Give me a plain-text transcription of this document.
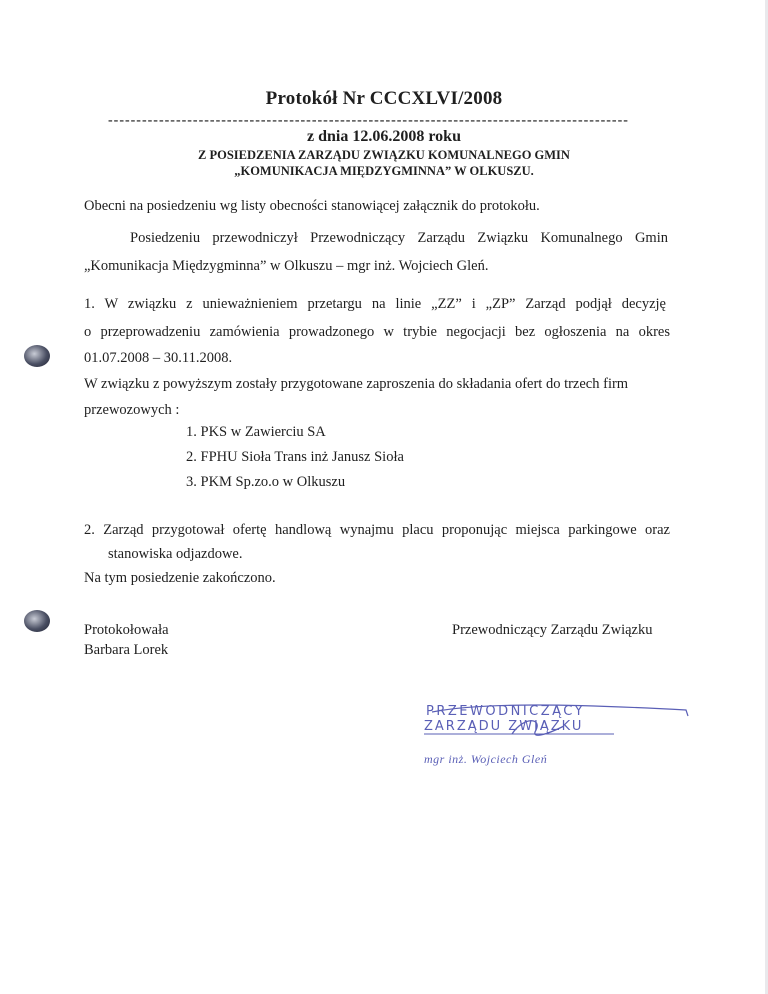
Protokół Nr CCCXLVI/2008
--------------------------------------------------------------------------------------------
z dnia 12.06.2008 roku
Z POSIEDZENIA ZARZĄDU ZWIĄZKU KOMUNALNEGO GMIN
„KOMUNIKACJA MIĘDZYGMINNA” W OLKUSZU.
Obecni na posiedzeniu wg listy obecności stanowiącej załącznik do protokołu.
Posiedzeniu przewodniczył Przewodniczący Zarządu Związku Komunalnego Gmin
„Komunikacja Międzygminna” w Olkuszu – mgr inż. Wojciech Gleń.
1. W związku z unieważnieniem przetargu na linie „ZZ” i „ZP” Zarząd podjął decyzję
o przeprowadzeniu zamówienia prowadzonego w trybie negocjacji bez ogłoszenia na okres
01.07.2008 – 30.11.2008.
W związku z powyższym zostały przygotowane zaproszenia do składania ofert do trzech firm
przewozowych :
1. PKS w Zawierciu SA
2. FPHU Sioła Trans inż Janusz Sioła
3. PKM Sp.zo.o w Olkuszu
2. Zarząd przygotował ofertę handlową wynajmu placu proponując miejsca parkingowe oraz
stanowiska odjazdowe.
Na tym posiedzenie zakończono.
Protokołowała
Barbara Lorek
Przewodniczący Zarządu Związku
PRZEWODNICZĄCY
ZARZĄDU ZWIĄZKU
mgr inż. Wojciech Gleń
